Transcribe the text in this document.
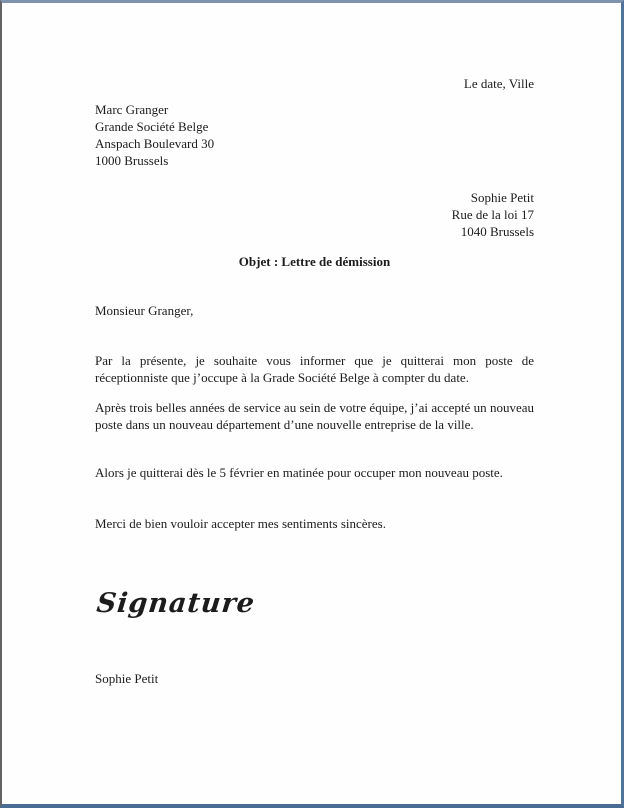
Le date, Ville

Marc Granger

Grande Société Belge

Anspach Boulevard 30

1000 Brussels

Sophie Petit

Rue de la loi 17

1040 Brussels

Objet : Lettre de démission

Monsieur Granger,

Par la présente, je souhaite vous informer que je quitterai mon poste de réceptionniste que j’occupe à la Grade Société Belge à compter du date.

Après trois belles années de service au sein de votre équipe, j’ai accepté un nouveau poste dans un nouveau département d’une nouvelle entreprise de la ville.

Alors je quitterai dès le 5 février en matinée pour occuper mon nouveau poste.

Merci de bien vouloir accepter mes sentiments sincères.

Signature

Sophie Petit
